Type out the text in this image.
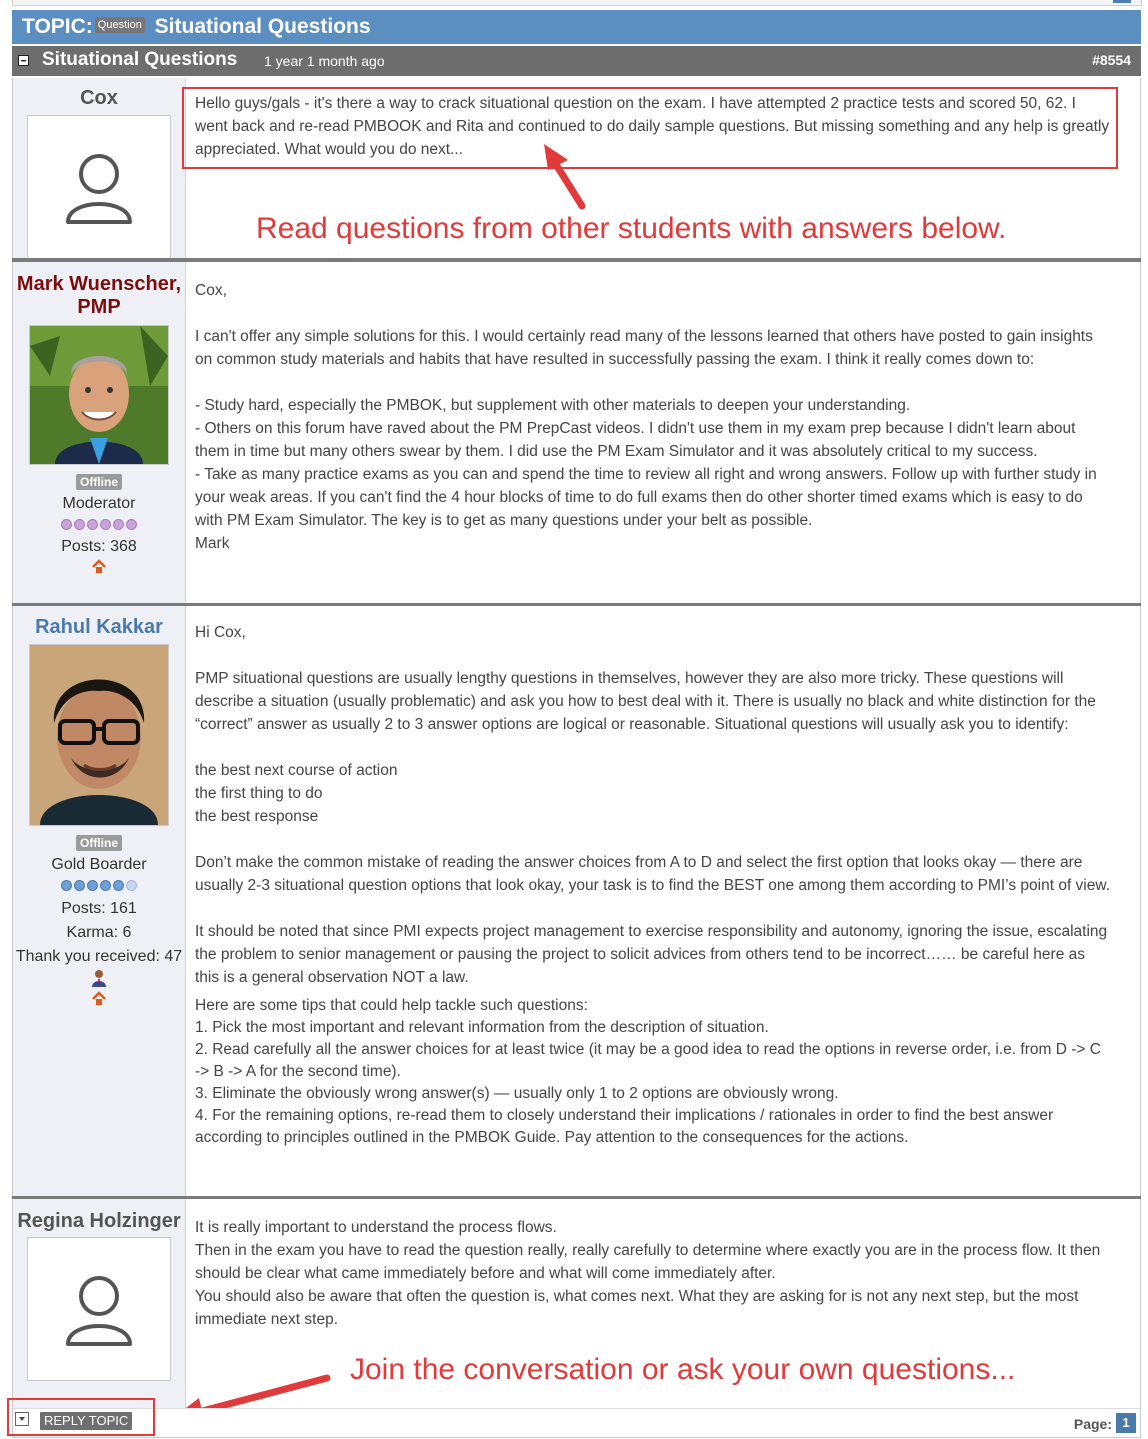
TOPIC: Question Situational Questions
Situational Questions 1 year 1 month ago	#8554
Cox	Hello guys/gals - it's there a way to crack situational question on the exam. I have attempted 2 practice tests and scored 50, 62. I went back and re-read PMBOOK and Rita and continued to do daily sample questions. But missing something and any help is greatly appreciated. What would you do next...

Read questions from other students with answers below.
Mark Wuenscher, PMP
Offline
Moderator
Posts: 368

Cox,

I can't offer any simple solutions for this. I would certainly read many of the lessons learned that others have posted to gain insights on common study materials and habits that have resulted in successfully passing the exam. I think it really comes down to:

- Study hard, especially the PMBOK, but supplement with other materials to deepen your understanding.

- Others on this forum have raved about the PM PrepCast videos. I didn't use them in my exam prep because I didn't learn about them in time but many others swear by them. I did use the PM Exam Simulator and it was absolutely critical to my success.

- Take as many practice exams as you can and spend the time to review all right and wrong answers. Follow up with further study in your weak areas. If you can't find the 4 hour blocks of time to do full exams then do other shorter timed exams which is easy to do with PM Exam Simulator. The key is to get as many questions under your belt as possible.

Mark

Rahul Kakkar
Offline
Gold Boarder
Posts: 161
Karma: 6
Thank you received: 47

Hi Cox,

PMP situational questions are usually lengthy questions in themselves, however they are also more tricky. These questions will describe a situation (usually problematic) and ask you how to best deal with it. There is usually no black and white distinction for the “correct” answer as usually 2 to 3 answer options are logical or reasonable. Situational questions will usually ask you to identify:

the best next course of action

the first thing to do

the best response

Don’t make the common mistake of reading the answer choices from A to D and select the first option that looks okay — there are usually 2-3 situational question options that look okay, your task is to find the BEST one among them according to PMI’s point of view.

It should be noted that since PMI expects project management to exercise responsibility and autonomy, ignoring the issue, escalating the problem to senior management or pausing the project to solicit advices from others tend to be incorrect…… be careful here as this is a general observation NOT a law.

Here are some tips that could help tackle such questions:

1. Pick the most important and relevant information from the description of situation.

2. Read carefully all the answer choices for at least twice (it may be a good idea to read the options in reverse order, i.e. from D -> C -> B -> A for the second time).

3. Eliminate the obviously wrong answer(s) — usually only 1 to 2 options are obviously wrong.

4. For the remaining options, re-read them to closely understand their implications / rationales in order to find the best answer according to principles outlined in the PMBOK Guide. Pay attention to the consequences for the actions.

Regina Holzinger It is really important to understand the process flows.

Then in the exam you have to read the question really, really carefully to determine where exactly you are in the process flow. It then should be clear what came immediately before and what will come immediately after.

You should also be aware that often the question is, what comes next. What they are asking for is not any next step, but the most immediate next step.

Join the conversation or ask your own questions...
REPLY TOPIC	Page: 1
